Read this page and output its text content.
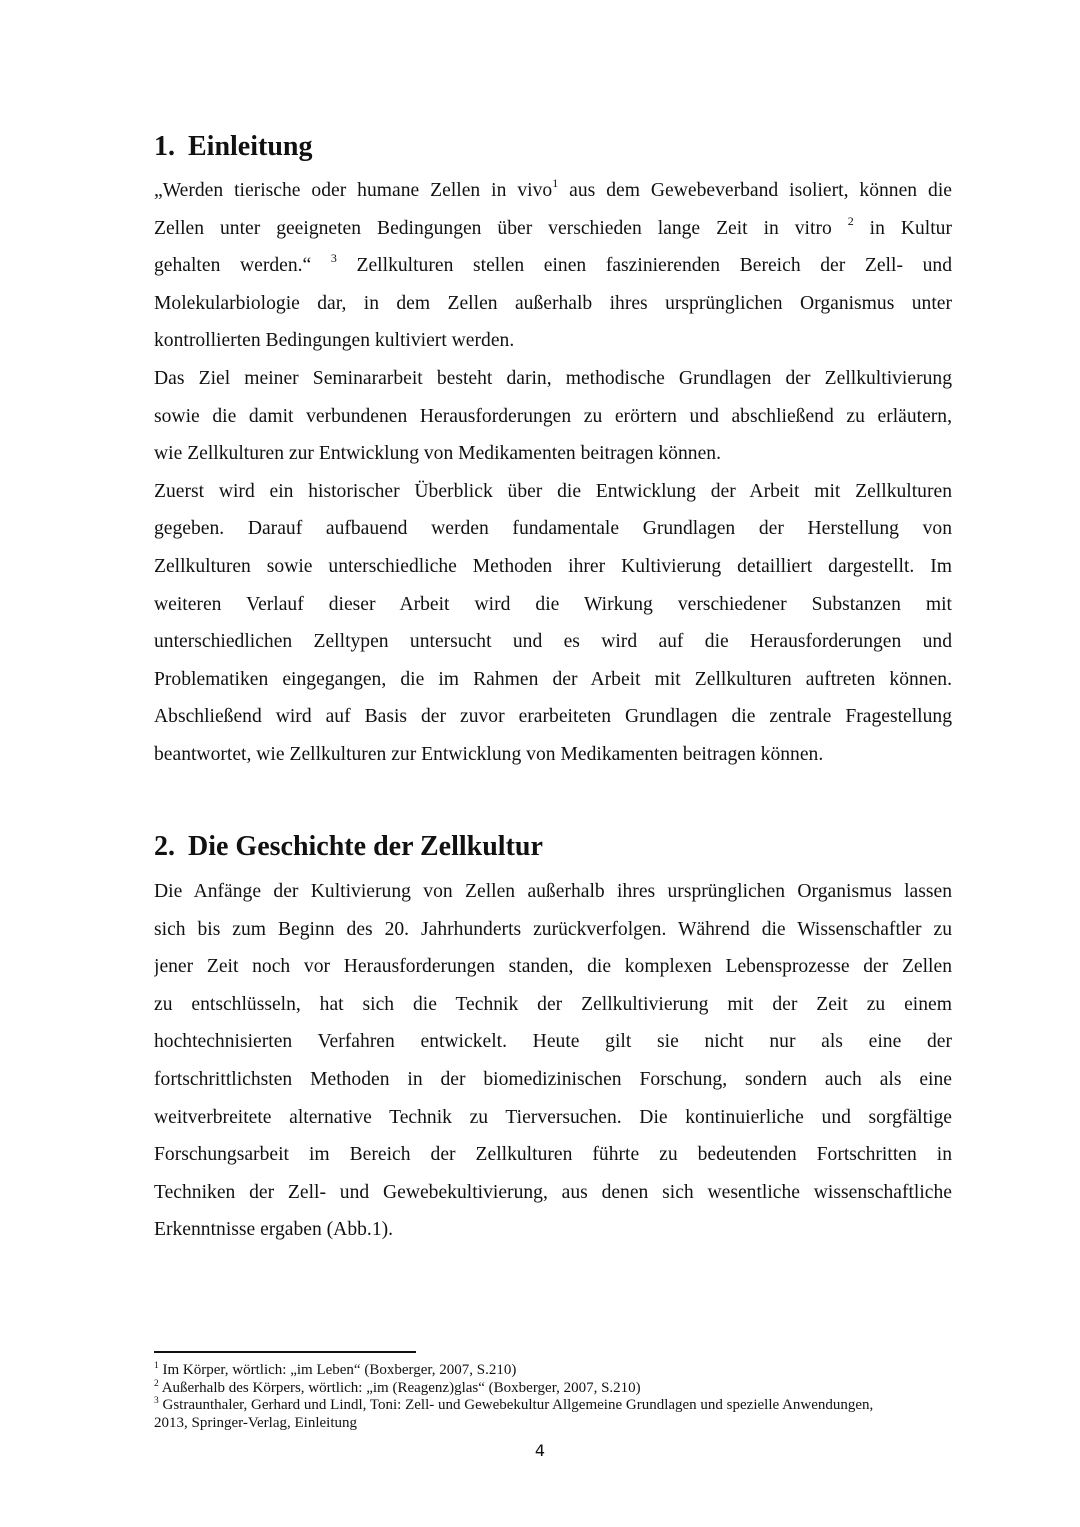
1. Einleitung
„Werden tierische oder humane Zellen in vivo$^1$ aus dem Gewebeverband isoliert, können die
Zellen unter geeigneten Bedingungen über verschieden lange Zeit in vitro $^2$ in Kultur
gehalten werden.“ $^3$ Zellkulturen stellen einen faszinierenden Bereich der Zell- und
Molekularbiologie dar, in dem Zellen außerhalb ihres ursprünglichen Organismus unter
kontrollierten Bedingungen kultiviert werden.
Das Ziel meiner Seminararbeit besteht darin, methodische Grundlagen der Zellkultivierung
sowie die damit verbundenen Herausforderungen zu erörtern und abschließend zu erläutern,
wie Zellkulturen zur Entwicklung von Medikamenten beitragen können.
Zuerst wird ein historischer Überblick über die Entwicklung der Arbeit mit Zellkulturen
gegeben. Darauf aufbauend werden fundamentale Grundlagen der Herstellung von
Zellkulturen sowie unterschiedliche Methoden ihrer Kultivierung detailliert dargestellt. Im
weiteren Verlauf dieser Arbeit wird die Wirkung verschiedener Substanzen mit
unterschiedlichen Zelltypen untersucht und es wird auf die Herausforderungen und
Problematiken eingegangen, die im Rahmen der Arbeit mit Zellkulturen auftreten können.
Abschließend wird auf Basis der zuvor erarbeiteten Grundlagen die zentrale Fragestellung
beantwortet, wie Zellkulturen zur Entwicklung von Medikamenten beitragen können.
2. Die Geschichte der Zellkultur
Die Anfänge der Kultivierung von Zellen außerhalb ihres ursprünglichen Organismus lassen
sich bis zum Beginn des 20. Jahrhunderts zurückverfolgen. Während die Wissenschaftler zu
jener Zeit noch vor Herausforderungen standen, die komplexen Lebensprozesse der Zellen
zu entschlüsseln, hat sich die Technik der Zellkultivierung mit der Zeit zu einem
hochtechnisierten Verfahren entwickelt. Heute gilt sie nicht nur als eine der
fortschrittlichsten Methoden in der biomedizinischen Forschung, sondern auch als eine
weitverbreitete alternative Technik zu Tierversuchen. Die kontinuierliche und sorgfältige
Forschungsarbeit im Bereich der Zellkulturen führte zu bedeutenden Fortschritten in
Techniken der Zell- und Gewebekultivierung, aus denen sich wesentliche wissenschaftliche
Erkenntnisse ergaben (Abb.1).
$^1$ Im Körper, wörtlich: „im Leben“ (Boxberger, 2007, S.210)
$^2$ Außerhalb des Körpers, wörtlich: „im (Reagenz)glas“ (Boxberger, 2007, S.210)
$^3$ Gstraunthaler, Gerhard und Lindl, Toni: Zell- und Gewebekultur Allgemeine Grundlagen und spezielle Anwendungen,
2013, Springer-Verlag, Einleitung
4
